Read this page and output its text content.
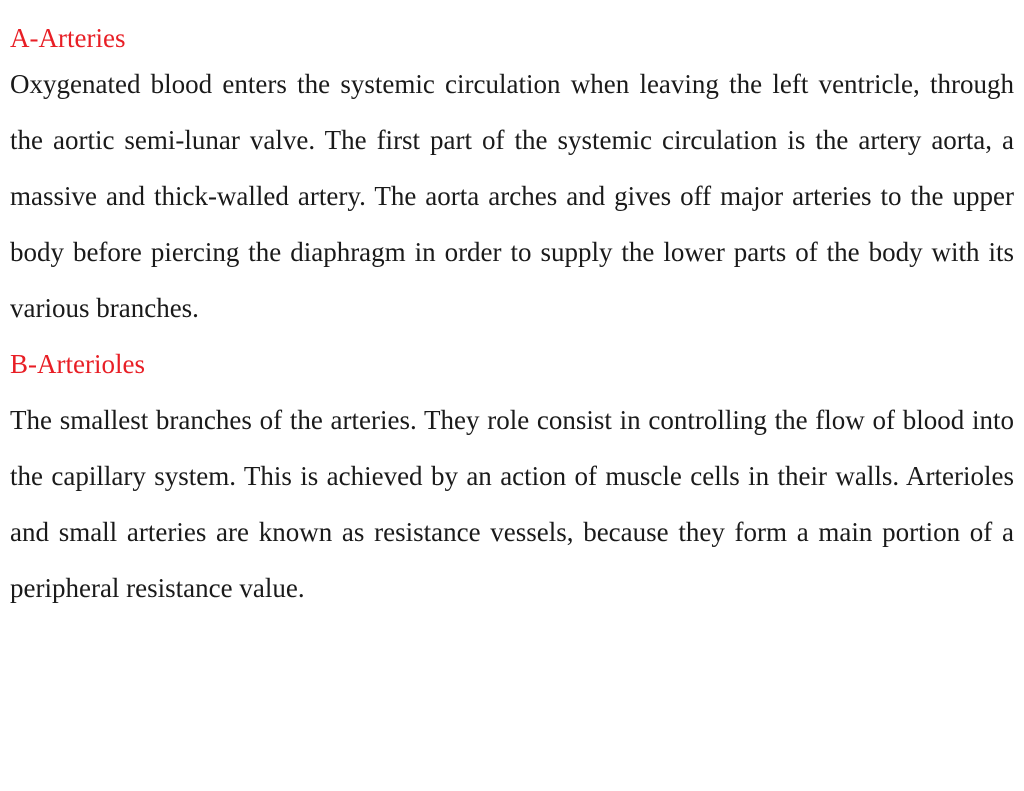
A-Arteries

Oxygenated blood enters the systemic circulation when leaving the left ventricle, through the aortic semi-lunar valve. The first part of the systemic circulation is the artery aorta, a massive and thick-walled artery. The aorta arches and gives off major arteries to the upper body before piercing the diaphragm in order to supply the lower parts of the body with its various branches.

B-Arterioles

The smallest branches of the arteries. They role consist in controlling the flow of blood into the capillary system. This is achieved by an action of muscle cells in their walls. Arterioles and small arteries are known as resistance vessels, because they form a main portion of a peripheral resistance value.
